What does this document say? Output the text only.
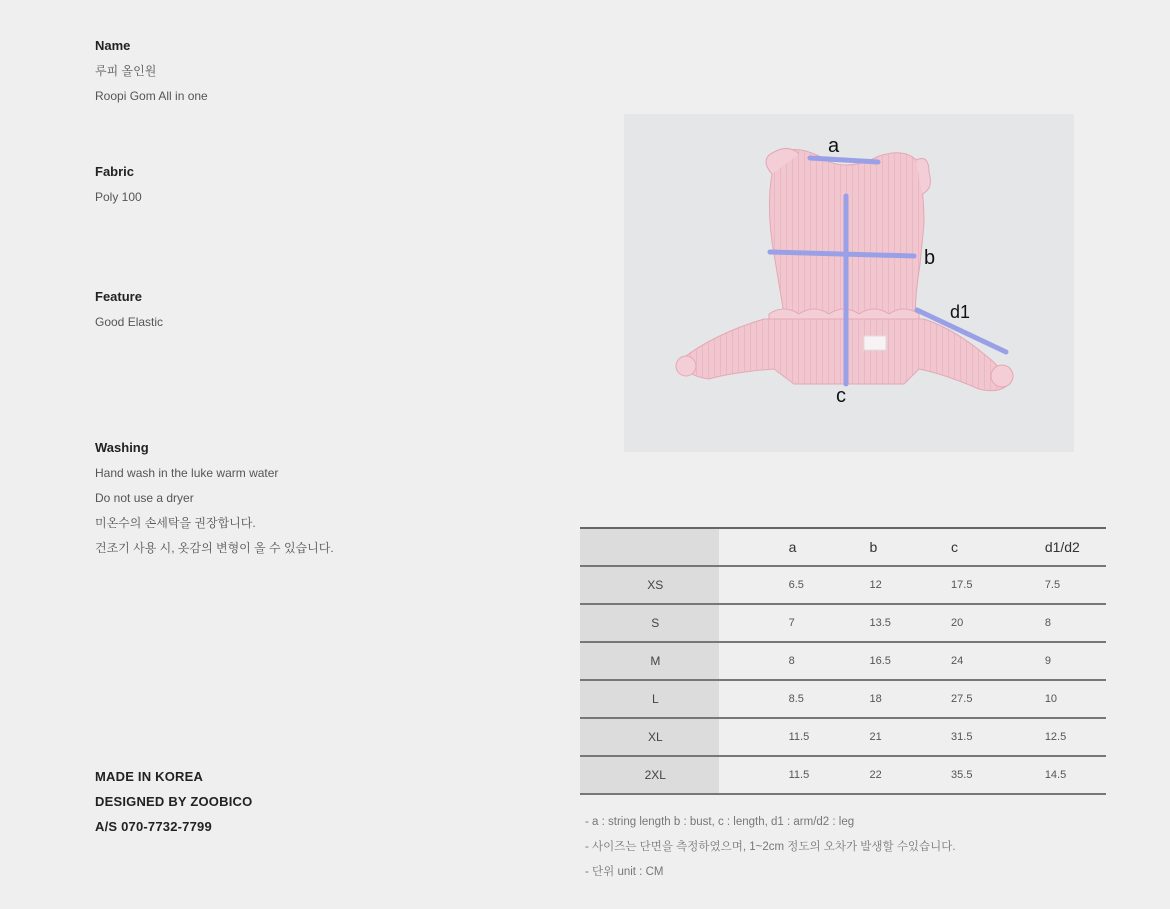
Name
루피 올인원
Roopi Gom All in one
Fabric
Poly 100
Feature
Good Elastic
Washing
Hand wash in the luke warm water
Do not use a dryer
미온수의 손세탁을 권장합니다.
건조기 사용 시, 옷감의 변형이 올 수 있습니다.
MADE IN KOREA
DESIGNED BY ZOOBICO
A/S 070-7732-7799
a
b
c
d1
	a	b	c	d1/d2
XS	6.5	12	17.5	7.5
S	7	13.5	20	8
M	8	16.5	24	9
L	8.5	18	27.5	10
XL	11.5	21	31.5	12.5
2XL	11.5	22	35.5	14.5
- a : string length b : bust, c : length, d1 : arm/d2 : leg
- 사이즈는 단면을 측정하였으며, 1~2cm 정도의 오차가 발생할 수있습니다.
- 단위 unit : CM
